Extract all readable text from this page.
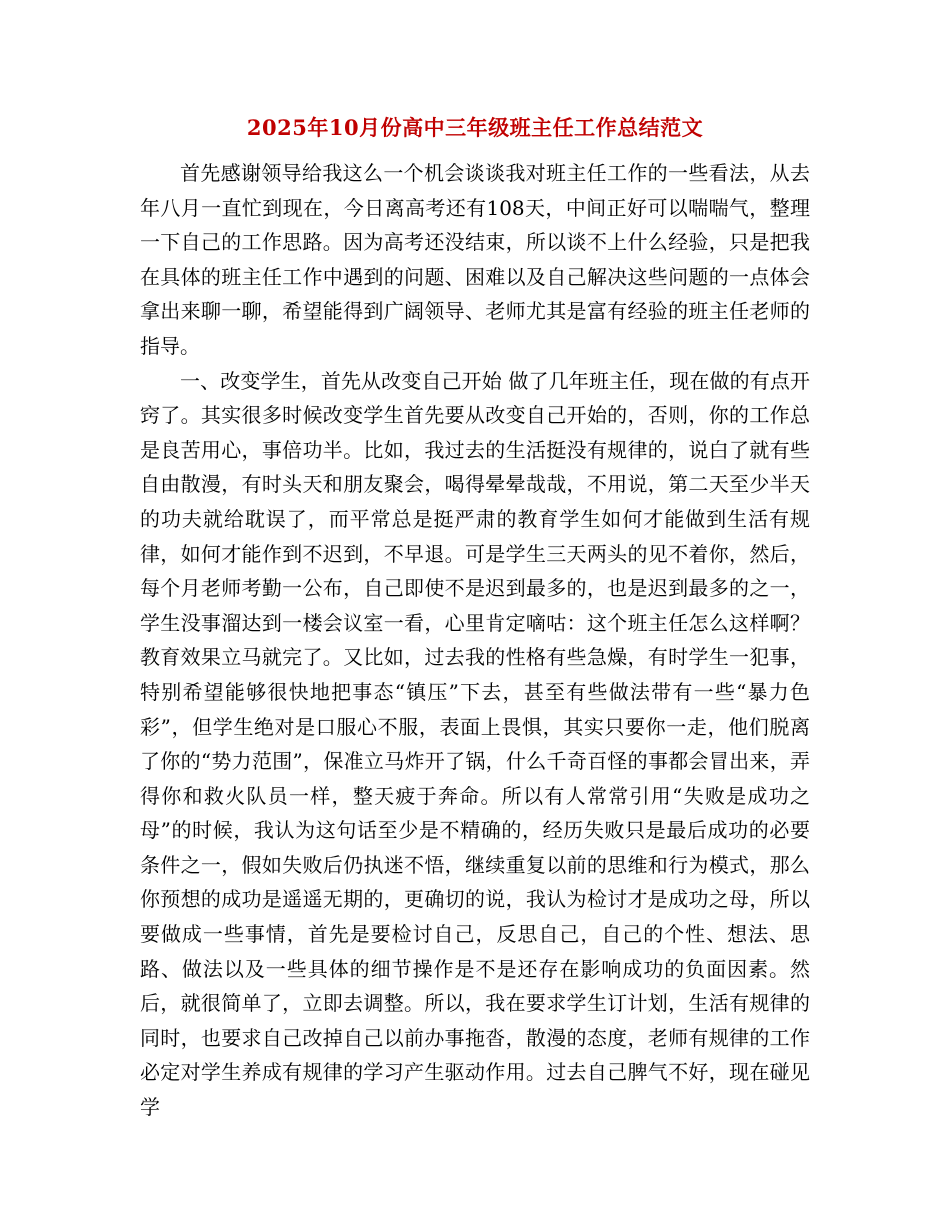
2025年10月份高中三年级班主任工作总结范文

首先感谢领导给我这么一个机会谈谈我对班主任工作的一些看法，从去年八月一直忙到现在，今日离高考还有108天，中间正好可以喘喘气，整理一下自己的工作思路。因为高考还没结束，所以谈不上什么经验，只是把我在具体的班主任工作中遇到的问题、困难以及自己解决这些问题的一点体会拿出来聊一聊，希望能得到广阔领导、老师尤其是富有经验的班主任老师的指导。

一、改变学生，首先从改变自己开始 做了几年班主任，现在做的有点开窍了。其实很多时候改变学生首先要从改变自己开始的，否则，你的工作总是良苦用心，事倍功半。比如，我过去的生活挺没有规律的，说白了就有些自由散漫，有时头天和朋友聚会，喝得晕晕哉哉，不用说，第二天至少半天的功夫就给耽误了，而平常总是挺严肃的教育学生如何才能做到生活有规律，如何才能作到不迟到，不早退。可是学生三天两头的见不着你，然后，每个月老师考勤一公布，自己即使不是迟到最多的，也是迟到最多的之一，学生没事溜达到一楼会议室一看，心里肯定嘀咕：这个班主任怎么这样啊？教育效果立马就完了。又比如，过去我的性格有些急燥，有时学生一犯事，特别希望能够很快地把事态“镇压”下去，甚至有些做法带有一些“暴力色彩”，但学生绝对是口服心不服，表面上畏惧，其实只要你一走，他们脱离了你的“势力范围”，保准立马炸开了锅，什么千奇百怪的事都会冒出来，弄得你和救火队员一样，整天疲于奔命。所以有人常常引用“失败是成功之母”的时候，我认为这句话至少是不精确的，经历失败只是最后成功的必要条件之一，假如失败后仍执迷不悟，继续重复以前的思维和行为模式，那么你预想的成功是遥遥无期的，更确切的说，我认为检讨才是成功之母，所以要做成一些事情，首先是要检讨自己，反思自己，自己的个性、想法、思路、做法以及一些具体的细节操作是不是还存在影响成功的负面因素。然后，就很简单了，立即去调整。所以，我在要求学生订计划，生活有规律的同时，也要求自己改掉自己以前办事拖沓，散漫的态度，老师有规律的工作必定对学生养成有规律的学习产生驱动作用。过去自己脾气不好，现在碰见学
